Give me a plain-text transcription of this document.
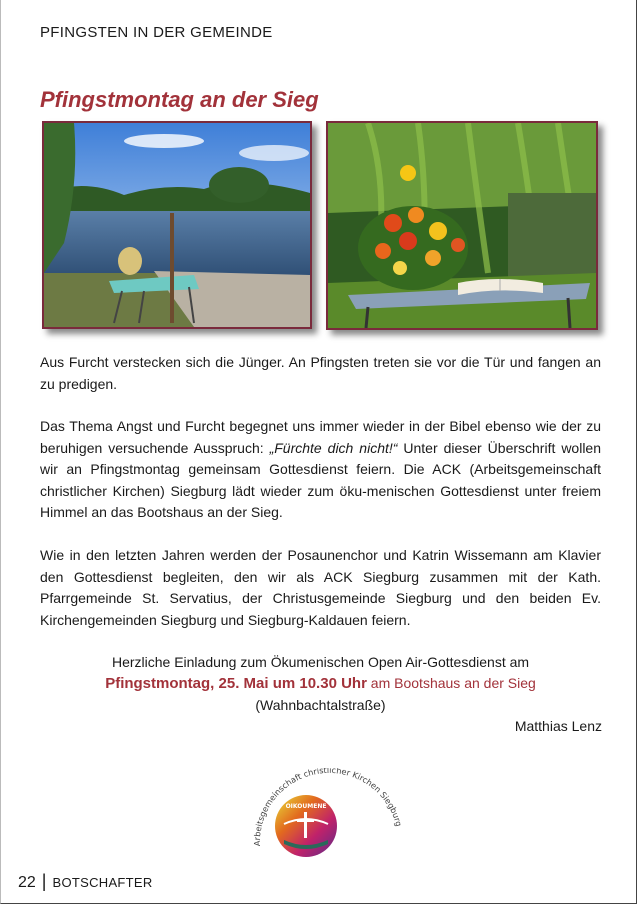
PFINGSTEN IN DER GEMEINDE
Pfingstmontag an der Sieg
Aus Furcht verstecken sich die Jünger. An Pfingsten treten sie vor die Tür und fangen an zu predigen.
Das Thema Angst und Furcht begegnet uns immer wieder in der Bibel ebenso wie der zu beruhigen versuchende Ausspruch: „Fürchte dich nicht!“ Unter dieser Überschrift wollen wir an Pfingstmontag gemeinsam Gottesdienst feiern. Die ACK (Arbeitsgemeinschaft christlicher Kirchen) Siegburg lädt wieder zum öku-menischen Gottesdienst unter freiem Himmel an das Bootshaus an der Sieg.
Wie in den letzten Jahren werden der Posaunenchor und Katrin Wissemann am Klavier den Gottesdienst begleiten, den wir als ACK Siegburg zusammen mit der Kath. Pfarrgemeinde St. Servatius, der Christusgemeinde Siegburg und den beiden Ev. Kirchengemeinden Siegburg und Siegburg-Kaldauen feiern.
Herzliche Einladung zum Ökumenischen Open Air-Gottesdienst am
Pfingstmontag, 25. Mai um 10.30 Uhr am Bootshaus an der Sieg
(Wahnbachtalstraße)
Matthias Lenz
Arbeitsgemeinschaft christlicher Kirchen Siegburg
OIKOUMENE
22 | BOTSCHAFTER
